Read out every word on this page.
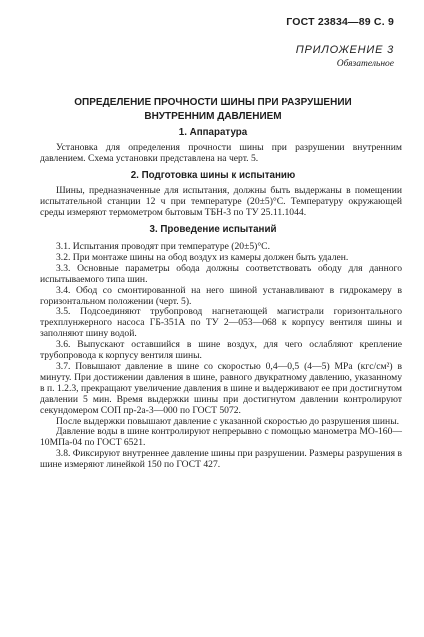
ГОСТ 23834—89 С. 9
ПРИЛОЖЕНИЕ 3
Обязательное
ОПРЕДЕЛЕНИЕ ПРОЧНОСТИ ШИНЫ ПРИ РАЗРУШЕНИИ ВНУТРЕННИМ ДАВЛЕНИЕМ
1. Аппаратура

Установка для определения прочности шины при разрушении внутренним давлением. Схема установки представлена на черт. 5.

2. Подготовка шины к испытанию

Шины, предназначенные для испытания, должны быть выдержаны в помещении испытательной станции 12 ч при температуре (20±5)°С. Температуру окружающей среды измеряют термометром бытовым ТБН-3 по ТУ 25.11.1044.

3. Проведение испытаний

3.1. Испытания проводят при температуре (20±5)°С.

3.2. При монтаже шины на обод воздух из камеры должен быть удален.

3.3. Основные параметры обода должны соответствовать ободу для данного испытываемого типа шин.

3.4. Обод со смонтированной на него шиной устанавливают в гидрокамеру в горизонтальном положении (черт. 5).

3.5. Подсоединяют трубопровод нагнетающей магистрали горизонтального трехплунжерного насоса ГБ-351А по ТУ 2—053—068 к корпусу вентиля шины и заполняют шину водой.

3.6. Выпускают оставшийся в шине воздух, для чего ослабляют крепление трубопровода к корпусу вентиля шины.

3.7. Повышают давление в шине со скоростью 0,4—0,5 (4—5) МРа (кгс/см²) в минуту. При достижении давления в шине, равного двукратному давлению, указанному в п. 1.2.3, прекращают увеличение давления в шине и выдерживают ее при достигнутом давлении 5 мин. Время выдержки шины при достигнутом давлении контролируют секундомером СОП пр-2а-3—000 по ГОСТ 5072.

После выдержки повышают давление с указанной скоростью до разрушения шины.

Давление воды в шине контролируют непрерывно с помощью манометра МО-160—10МПа-04 по ГОСТ 6521.

3.8. Фиксируют внутреннее давление шины при разрушении. Размеры разрушения в шине измеряют линейкой 150 по ГОСТ 427.
